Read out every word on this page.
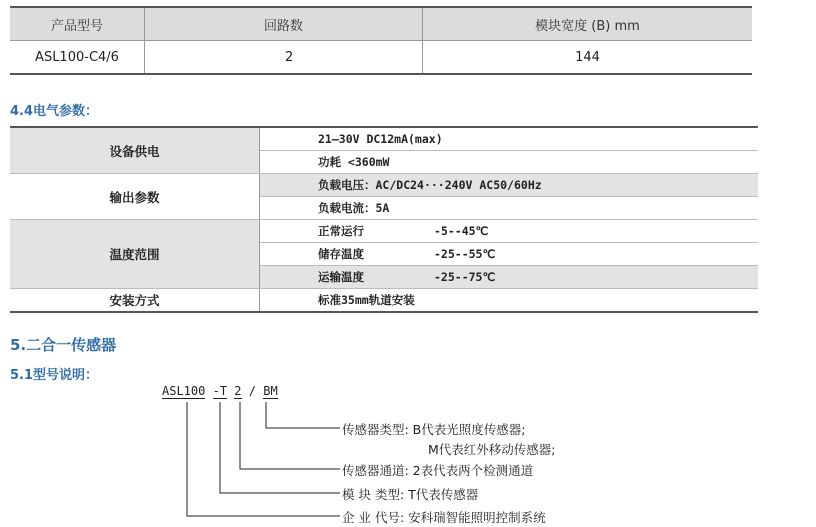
产品型号	回路数	模块宽度 (B) mm
ASL100-C4/6	2	144
4.4电气参数：
设备供电	21—30V DC12mA(max)
	功耗 <360mW
输出参数	负载电压：AC/DC24···240V AC50/60Hz
	负载电流：5A
温度范围	正常运行 -5--45℃
	储存温度 -25--55℃
	运输温度 -25--75℃
安装方式	标准35mm轨道安装
5.二合一传感器
5.1型号说明：
ASL100 -T 2 / BM
传感器类型: B代表光照度传感器;
M代表红外移动传感器;
传感器通道: 2表代表两个检测通道
模 块 类型: T代表传感器
企 业 代号: 安科瑞智能照明控制系统
